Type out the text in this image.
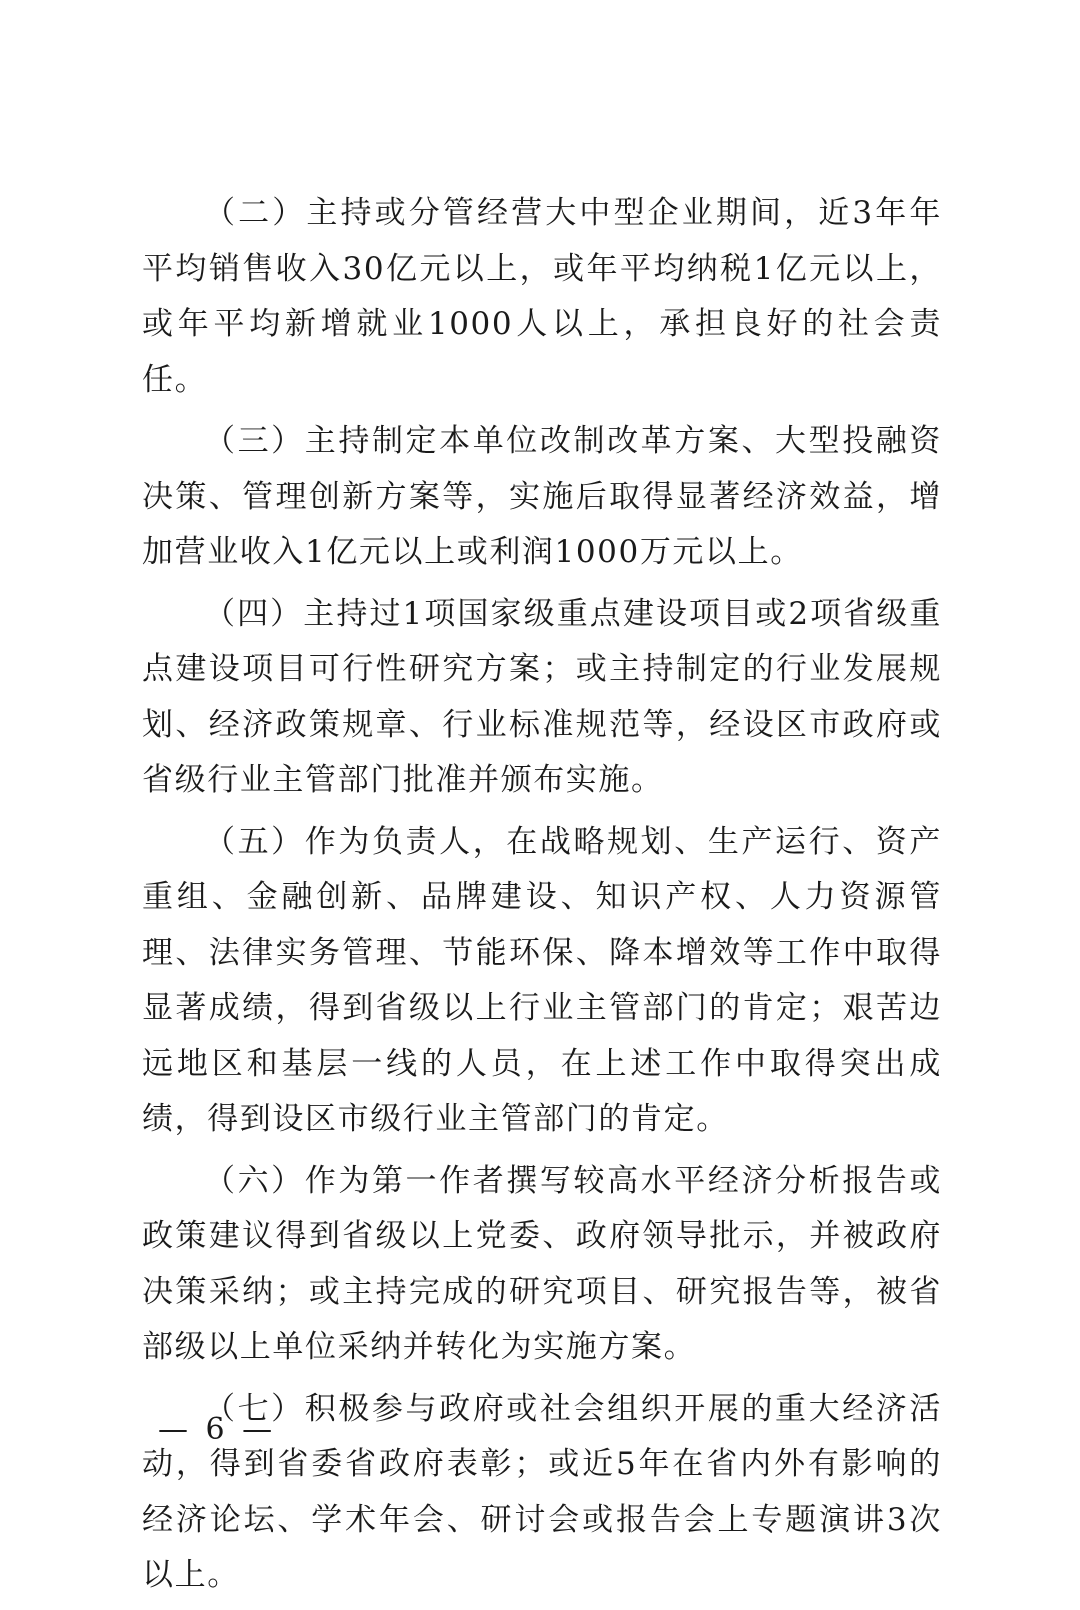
（二）主持或分管经营大中型企业期间，近3年年平均销售收入30亿元以上，或年平均纳税1亿元以上，或年平均新增就业1000人以上，承担良好的社会责任。

（三）主持制定本单位改制改革方案、大型投融资决策、管理创新方案等，实施后取得显著经济效益，增加营业收入1亿元以上或利润1000万元以上。

（四）主持过1项国家级重点建设项目或2项省级重点建设项目可行性研究方案；或主持制定的行业发展规划、经济政策规章、行业标准规范等，经设区市政府或省级行业主管部门批准并颁布实施。

（五）作为负责人，在战略规划、生产运行、资产重组、金融创新、品牌建设、知识产权、人力资源管理、法律实务管理、节能环保、降本增效等工作中取得显著成绩，得到省级以上行业主管部门的肯定；艰苦边远地区和基层一线的人员，在上述工作中取得突出成绩，得到设区市级行业主管部门的肯定。

（六）作为第一作者撰写较高水平经济分析报告或政策建议得到省级以上党委、政府领导批示，并被政府决策采纳；或主持完成的研究项目、研究报告等，被省部级以上单位采纳并转化为实施方案。

（七）积极参与政府或社会组织开展的重大经济活动，得到省委省政府表彰；或近5年在省内外有影响的经济论坛、学术年会、研讨会或报告会上专题演讲3次以上。

— 6 —
